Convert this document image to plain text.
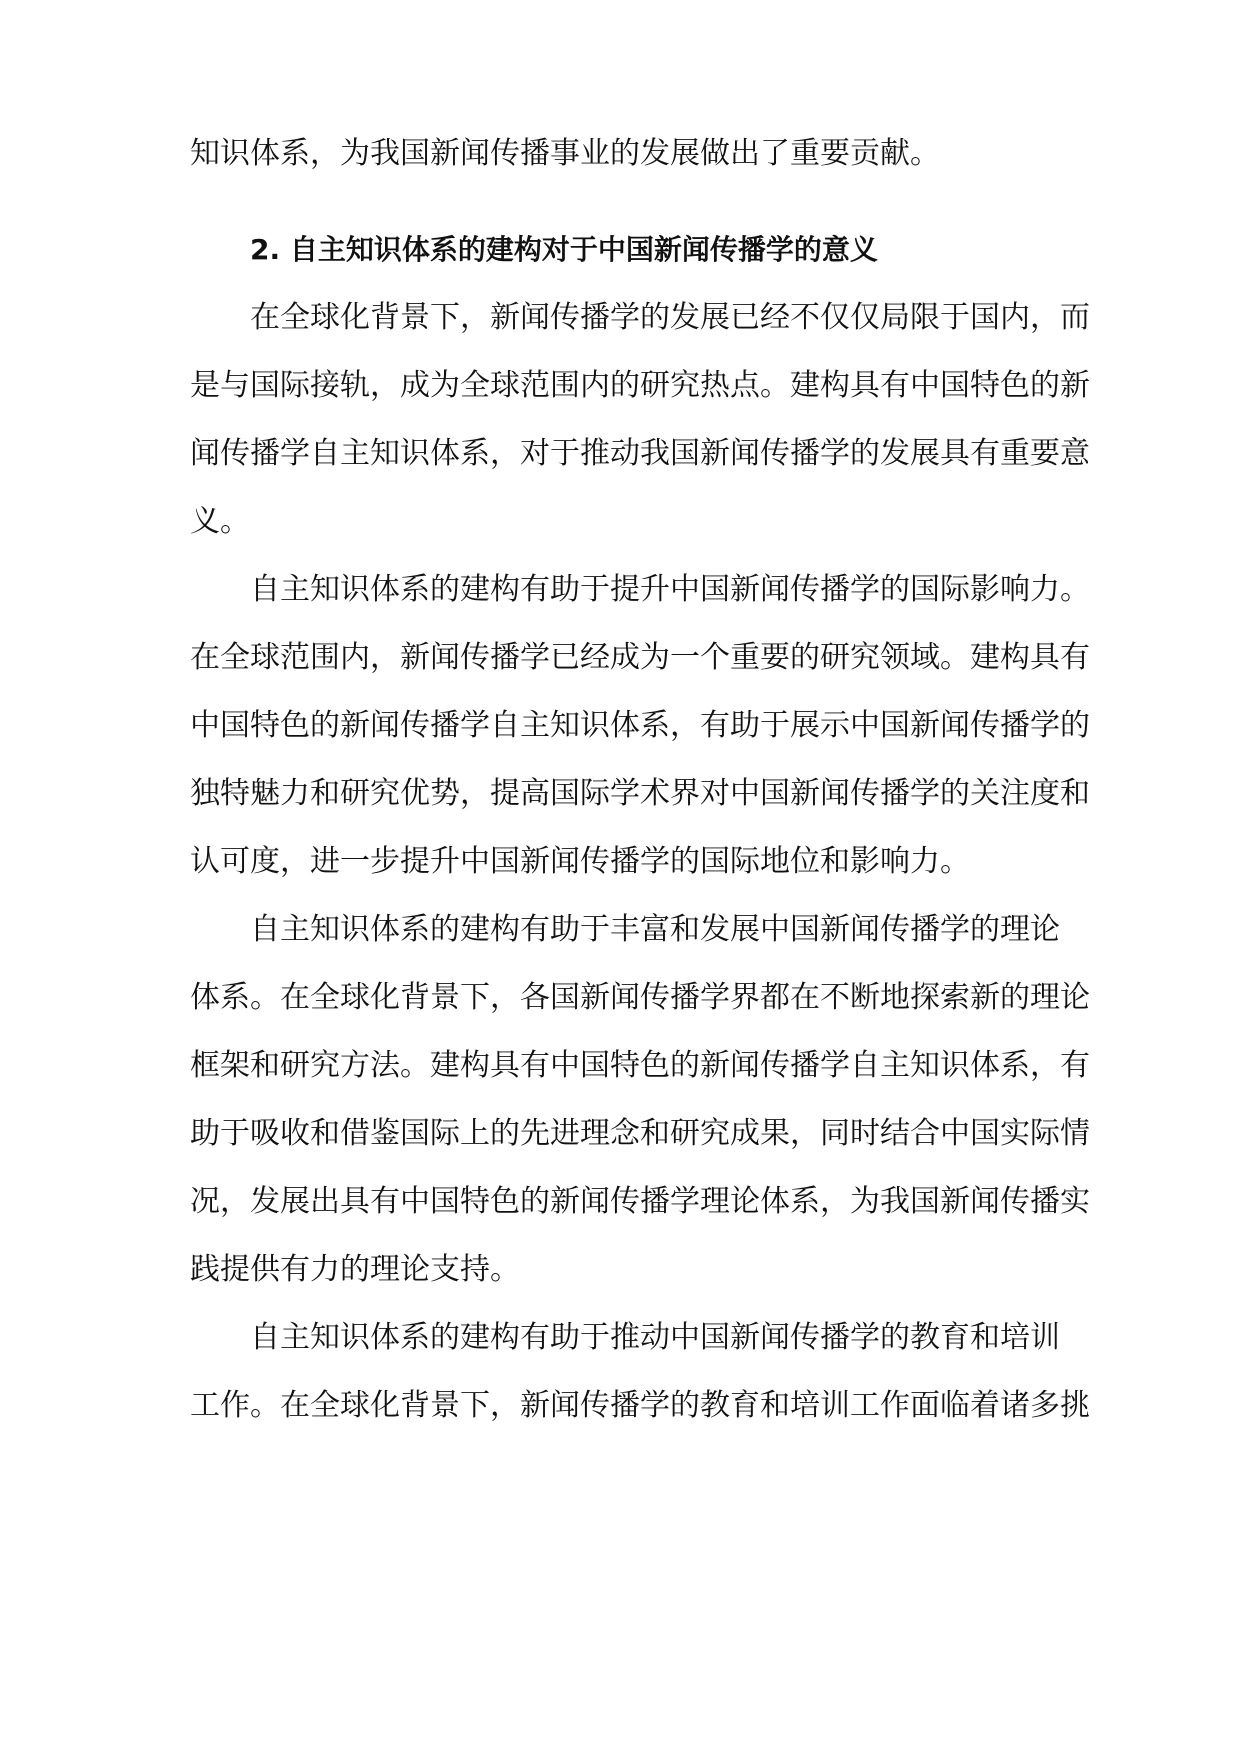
知识体系，为我国新闻传播事业的发展做出了重要贡献。
2. 自主知识体系的建构对于中国新闻传播学的意义
在全球化背景下，新闻传播学的发展已经不仅仅局限于国内，而
是与国际接轨，成为全球范围内的研究热点。建构具有中国特色的新
闻传播学自主知识体系，对于推动我国新闻传播学的发展具有重要意
义。
自主知识体系的建构有助于提升中国新闻传播学的国际影响力。
在全球范围内，新闻传播学已经成为一个重要的研究领域。建构具有
中国特色的新闻传播学自主知识体系，有助于展示中国新闻传播学的
独特魅力和研究优势，提高国际学术界对中国新闻传播学的关注度和
认可度，进一步提升中国新闻传播学的国际地位和影响力。
自主知识体系的建构有助于丰富和发展中国新闻传播学的理论
体系。在全球化背景下，各国新闻传播学界都在不断地探索新的理论
框架和研究方法。建构具有中国特色的新闻传播学自主知识体系，有
助于吸收和借鉴国际上的先进理念和研究成果，同时结合中国实际情
况，发展出具有中国特色的新闻传播学理论体系，为我国新闻传播实
践提供有力的理论支持。
自主知识体系的建构有助于推动中国新闻传播学的教育和培训
工作。在全球化背景下，新闻传播学的教育和培训工作面临着诸多挑
